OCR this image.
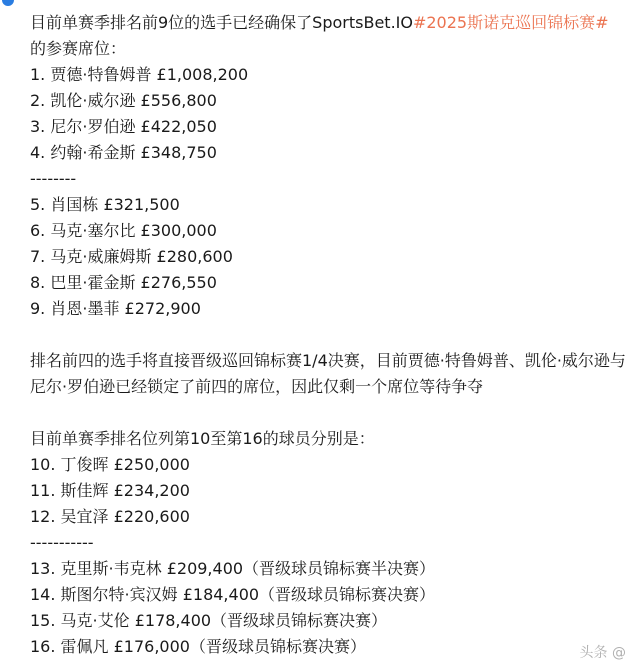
目前单赛季排名前9位的选手已经确保了SportsBet.IO#2025斯诺克巡回锦标赛#
的参赛席位：
1. 贾德·特鲁姆普 £1,008,200
2. 凯伦·威尔逊 £556,800
3. 尼尔·罗伯逊 £422,050
4. 约翰·希金斯 £348,750
--------
5. 肖国栋 £321,500
6. 马克·塞尔比 £300,000
7. 马克·威廉姆斯 £280,600
8. 巴里·霍金斯 £276,550
9. 肖恩·墨菲 £272,900
排名前四的选手将直接晋级巡回锦标赛1/4决赛，目前贾德·特鲁姆普、凯伦·威尔逊与尼尔·罗伯逊已经锁定了前四的席位，因此仅剩一个席位等待争夺
目前单赛季排名位列第10至第16的球员分别是：
10. 丁俊晖 £250,000
11. 斯佳辉 £234,200
12. 吴宜泽 £220,600
-----------
13. 克里斯·韦克林 £209,400（晋级球员锦标赛半决赛）
14. 斯图尔特·宾汉姆 £184,400（晋级球员锦标赛决赛）
15. 马克·艾伦 £178,400（晋级球员锦标赛决赛）
16. 雷佩凡 £176,000（晋级球员锦标赛决赛）	头条 @
